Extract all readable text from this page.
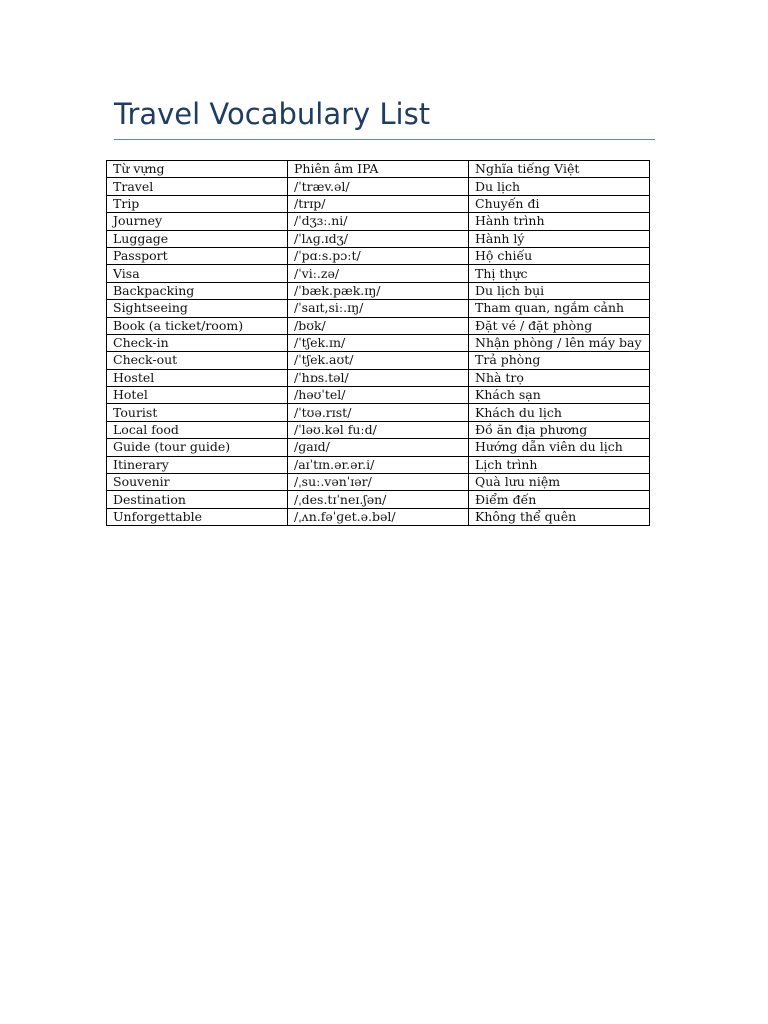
Travel Vocabulary List
Từ vựng	Phiên âm IPA	Nghĩa tiếng Việt
Travel	/ˈtræv.əl/	Du lịch
Trip	/trɪp/	Chuyến đi
Journey	/ˈdʒɜː.ni/	Hành trình
Luggage	/ˈlʌɡ.ɪdʒ/	Hành lý
Passport	/ˈpɑːs.pɔːt/	Hộ chiếu
Visa	/ˈviː.zə/	Thị thực
Backpacking	/ˈbæk.pæk.ɪŋ/	Du lịch bụi
Sightseeing	/ˈsaɪt,siː.ɪŋ/	Tham quan, ngắm cảnh
Book (a ticket/room)	/bʊk/	Đặt vé / đặt phòng
Check-in	/ˈtʃek.ɪn/	Nhận phòng / lên máy bay
Check-out	/ˈtʃek.aʊt/	Trả phòng
Hostel	/ˈhɒs.təl/	Nhà trọ
Hotel	/həʊˈtel/	Khách sạn
Tourist	/ˈtʊə.rɪst/	Khách du lịch
Local food	/ˈləʊ.kəl fuːd/	Đồ ăn địa phương
Guide (tour guide)	/ɡaɪd/	Hướng dẫn viên du lịch
Itinerary	/aɪˈtɪn.ər.ər.i/	Lịch trình
Souvenir	/ˌsuː.vənˈɪər/	Quà lưu niệm
Destination	/ˌdes.tɪˈneɪ.ʃən/	Điểm đến
Unforgettable	/ˌʌn.fəˈɡet.ə.bəl/	Không thể quên
